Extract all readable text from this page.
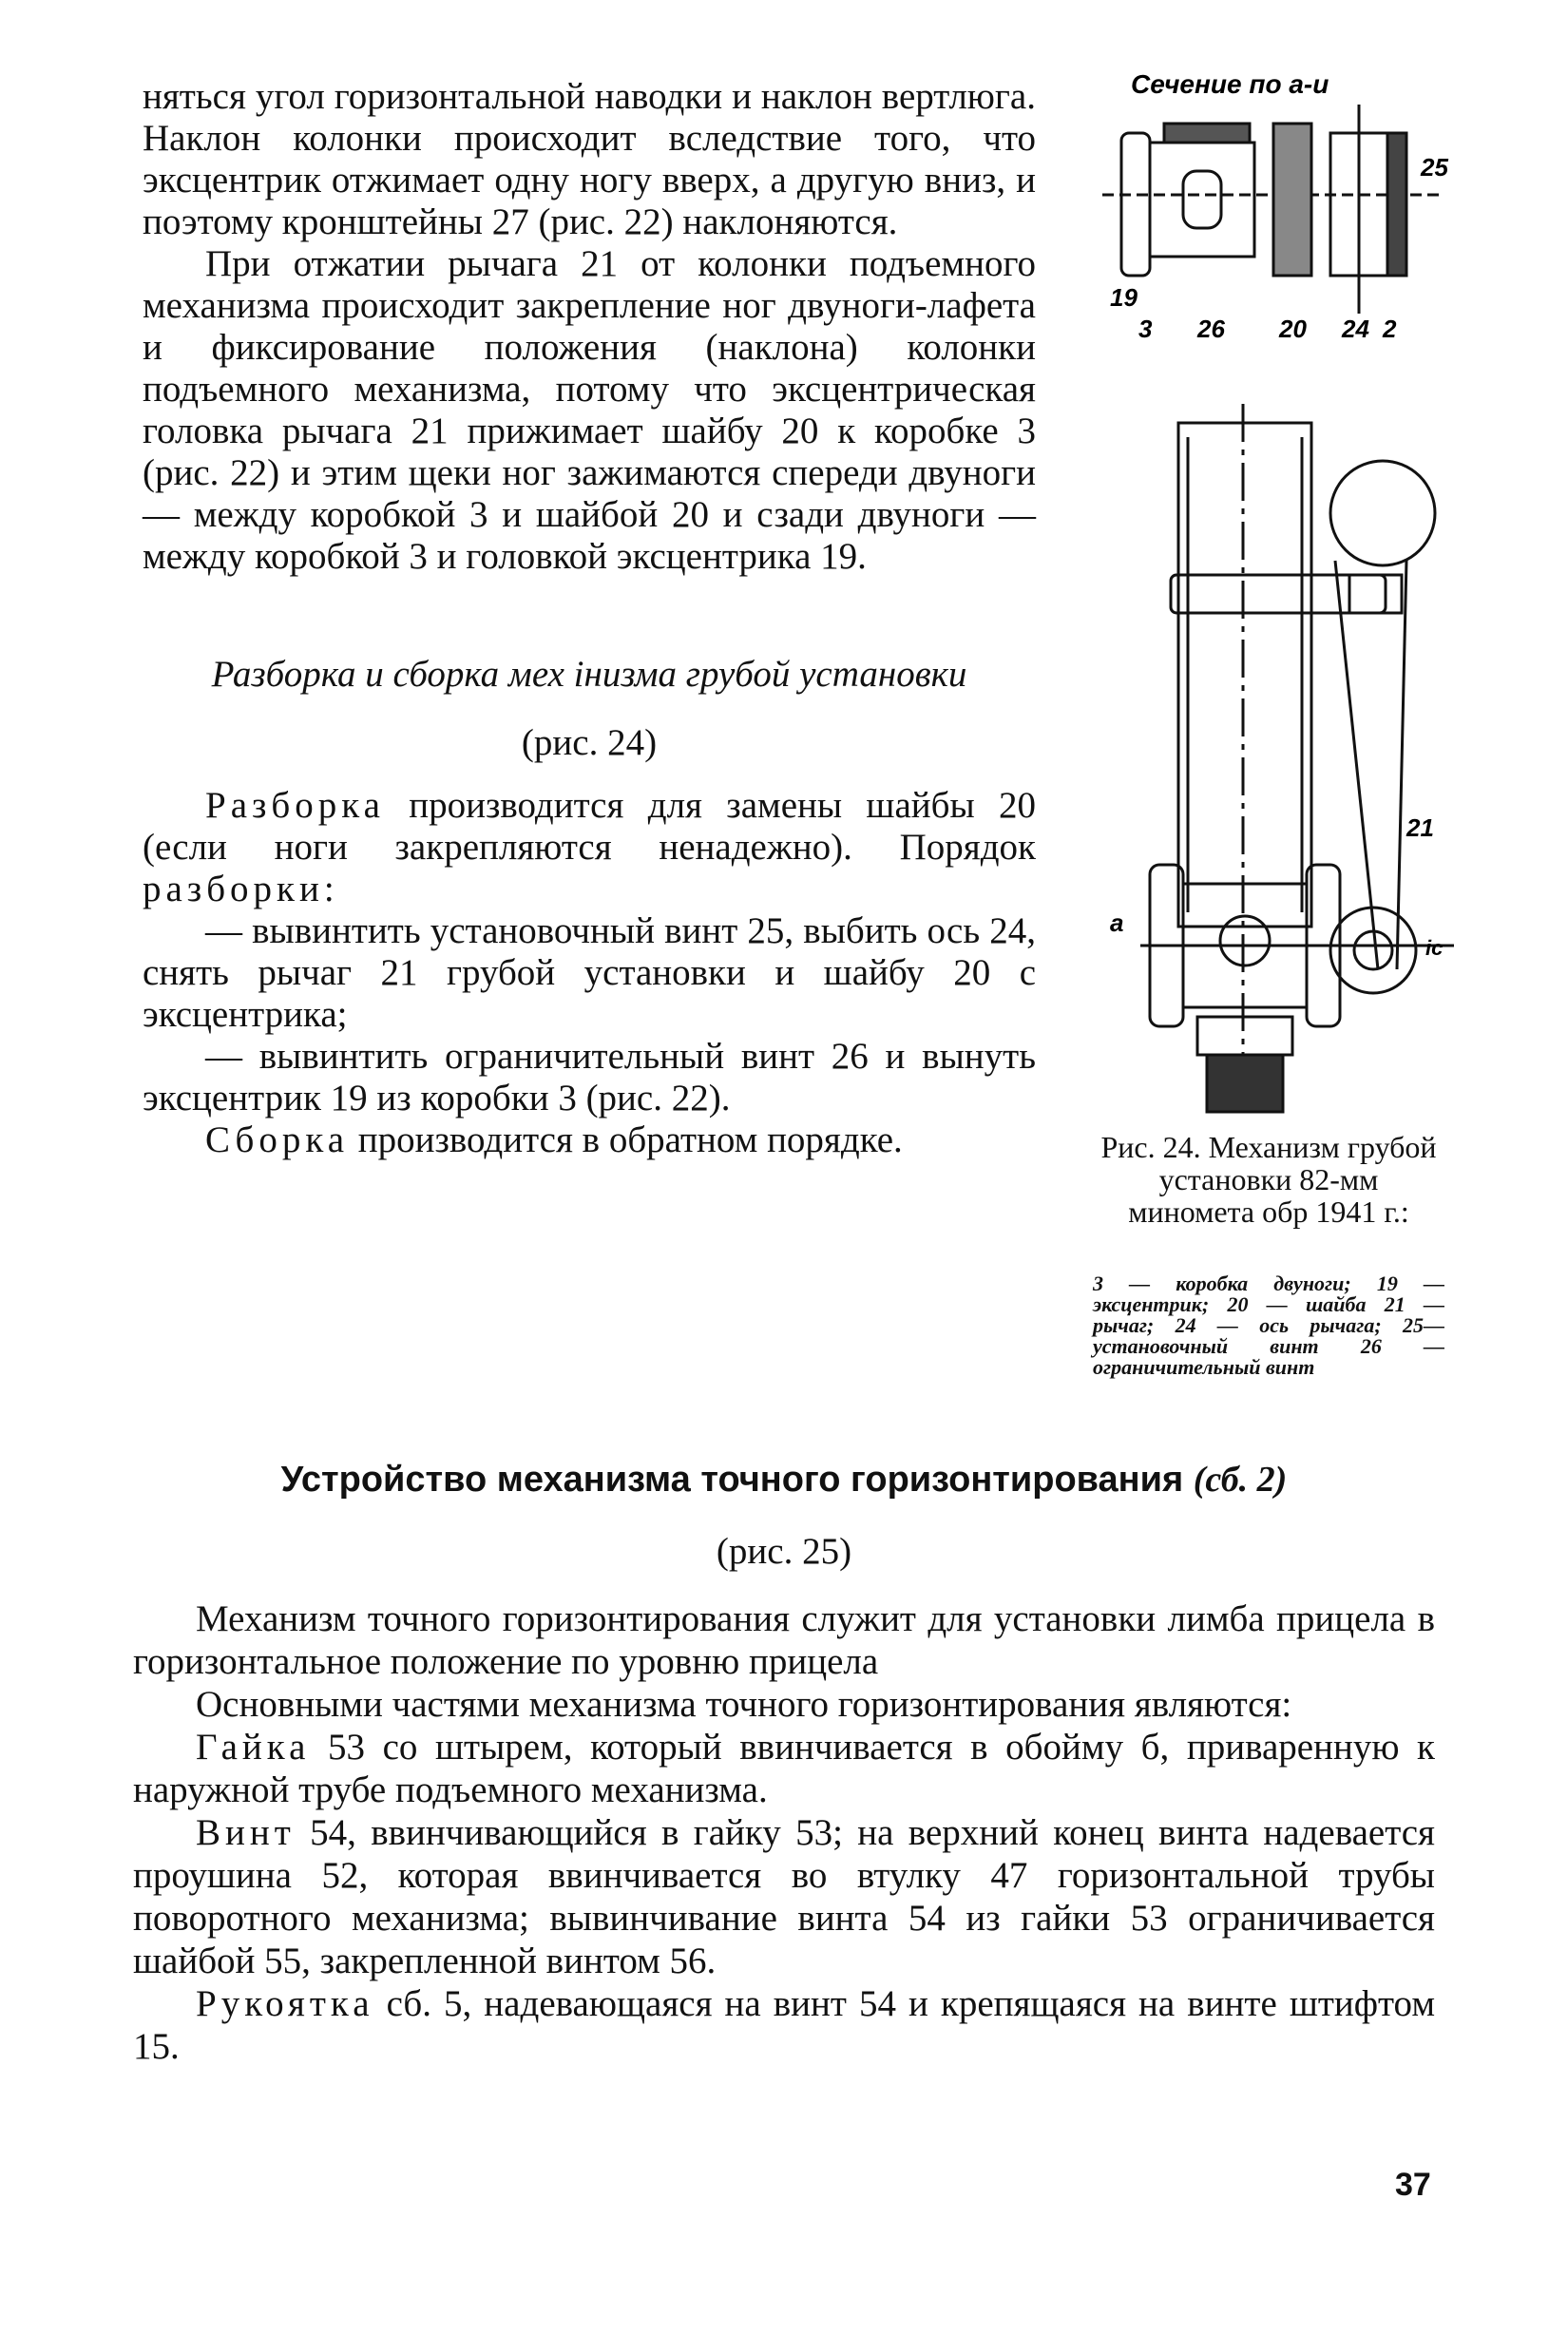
няться угол горизонтальной наводки и наклон вертлюга. Наклон колонки происходит вследствие того, что эксцентрик отжимает одну ногу вверх, а другую вниз, и поэтому кронштейны 27 (рис. 22) наклоняются.

При отжатии рычага 21 от колонки подъемного механизма происходит закрепление ног двуноги-лафета и фиксирование положения (наклона) колонки подъемного механизма, потому что эксцентрическая головка рычага 21 прижимает шайбу 20 к коробке 3 (рис. 22) и этим щеки ног зажимаются спереди двуноги — между коробкой 3 и шайбой 20 и сзади двуноги — между коробкой 3 и головкой эксцентрика 19.

Разборка и сборка мех інизма грубой установки

(рис. 24)

Разборка производится для замены шайбы 20 (если ноги закрепляются ненадежно). Порядок разборки:

— вывинтить установочный винт 25, выбить ось 24, снять рычаг 21 грубой установки и шайбу 20 с эксцентрика;

— вывинтить ограничительный винт 26 и вынуть эксцентрик 19 из коробки 3 (рис. 22).

Сборка производится в обратном порядке.

Сечение по а-и
19
3 26 20 24 2
25
21
а
іс
Рис. 24. Механизм грубой установки 82-мм миномета обр 1941 г.:
3 — коробка двуноги; 19 — эксцентрик; 20 — шайба 21 — рычаг; 24 — ось рычага; 25—установочный винт 26 — ограничительный винт

Устройство механизма точного горизонтирования (сб. 2)

(рис. 25)

Механизм точного горизонтирования служит для установки лимба прицела в горизонтальное положение по уровню прицела

Основными частями механизма точного горизонтирования являются:

Гайка 53 со штырем, который ввинчивается в обойму б, приваренную к наружной трубе подъемного механизма.

Винт 54, ввинчивающийся в гайку 53; на верхний конец винта надевается проушина 52, которая ввинчивается во втулку 47 горизонтальной трубы поворотного механизма; вывинчивание винта 54 из гайки 53 ограничивается шайбой 55, закрепленной винтом 56.

Рукоятка сб. 5, надевающаяся на винт 54 и крепящаяся на винте штифтом 15.

37
